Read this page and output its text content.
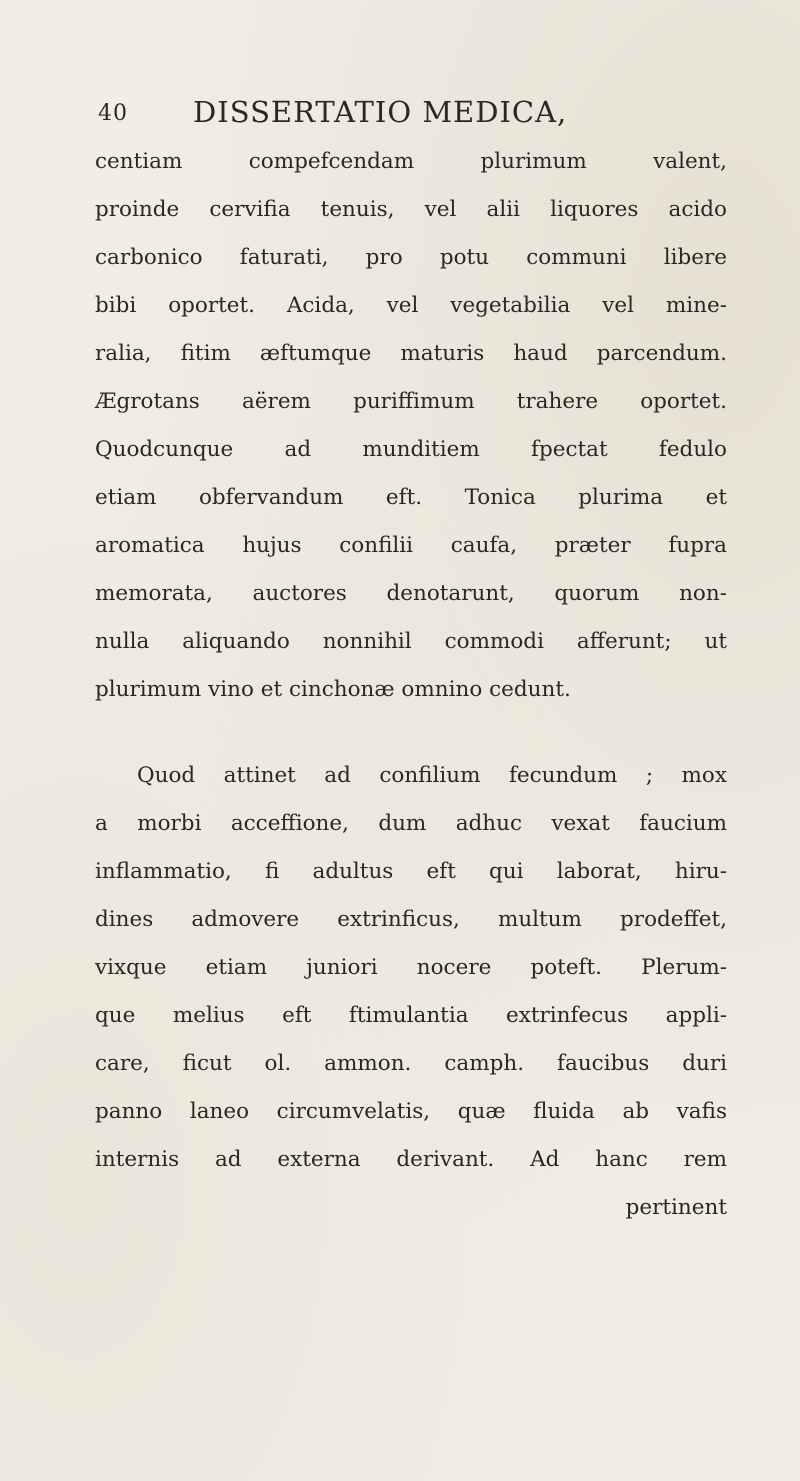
40 DISSERTATIO MEDICA,
centiam compefcendam plurimum valent,
proinde cervifia tenuis, vel alii liquores acido
carbonico faturati, pro potu communi libere
bibi oportet. Acida, vel vegetabilia vel mine-
ralia, fitim æftumque maturis haud parcendum.
Ægrotans aërem puriffimum trahere oportet.
Quodcunque ad munditiem fpectat fedulo
etiam obfervandum eft. Tonica plurima et
aromatica hujus confilii caufa, præter fupra
memorata, auctores denotarunt, quorum non-
nulla aliquando nonnihil commodi afferunt; ut
plurimum vino et cinchonæ omnino cedunt.
Quod attinet ad confilium fecundum ; mox
a morbi acceffione, dum adhuc vexat faucium
inflammatio, fi adultus eft qui laborat, hiru-
dines admovere extrinficus, multum prodeffet,
vixque etiam juniori nocere poteft. Plerum-
que melius eft ftimulantia extrinfecus appli-
care, ficut ol. ammon. camph. faucibus duri
panno laneo circumvelatis, quæ fluida ab vafis
internis ad externa derivant. Ad hanc rem
pertinent
